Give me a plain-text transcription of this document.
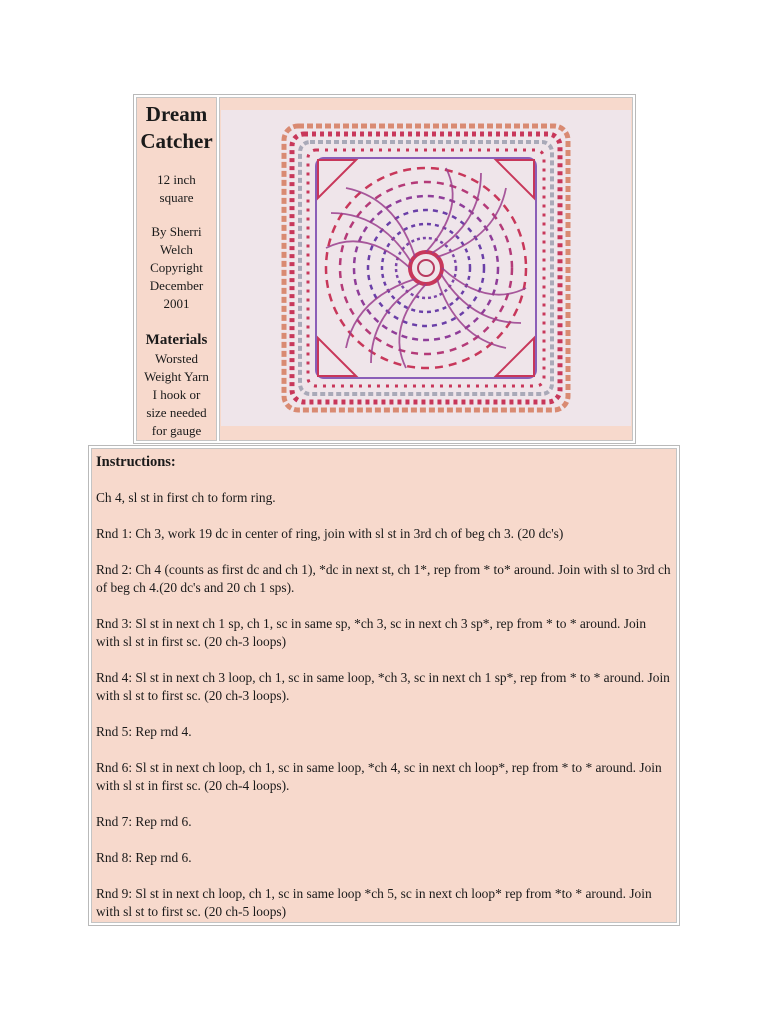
Dream
Catcher
12 inch
square
By Sherri
Welch
Copyright
December
2001
Materials
Worsted
Weight Yarn
I hook or
size needed
for gauge
Instructions:
Ch 4, sl st in first ch to form ring.
Rnd 1: Ch 3, work 19 dc in center of ring, join with sl st in 3rd ch of beg ch 3. (20 dc's)
Rnd 2: Ch 4 (counts as first dc and ch 1), *dc in next st, ch 1*, rep from * to* around. Join with sl to 3rd ch of beg ch 4.(20 dc's and 20 ch 1 sps).
Rnd 3: Sl st in next ch 1 sp, ch 1, sc in same sp, *ch 3, sc in next ch 3 sp*, rep from * to * around. Join with sl st in first sc. (20 ch-3 loops)
Rnd 4: Sl st in next ch 3 loop, ch 1, sc in same loop, *ch 3, sc in next ch 1 sp*, rep from * to * around. Join with sl st to first sc. (20 ch-3 loops).
Rnd 5: Rep rnd 4.
Rnd 6: Sl st in next ch loop, ch 1, sc in same loop, *ch 4, sc in next ch loop*, rep from * to * around. Join with sl st in first sc. (20 ch-4 loops).
Rnd 7: Rep rnd 6.
Rnd 8: Rep rnd 6.
Rnd 9: Sl st in next ch loop, ch 1, sc in same loop *ch 5, sc in next ch loop* rep from *to * around. Join with sl st to first sc. (20 ch-5 loops)
